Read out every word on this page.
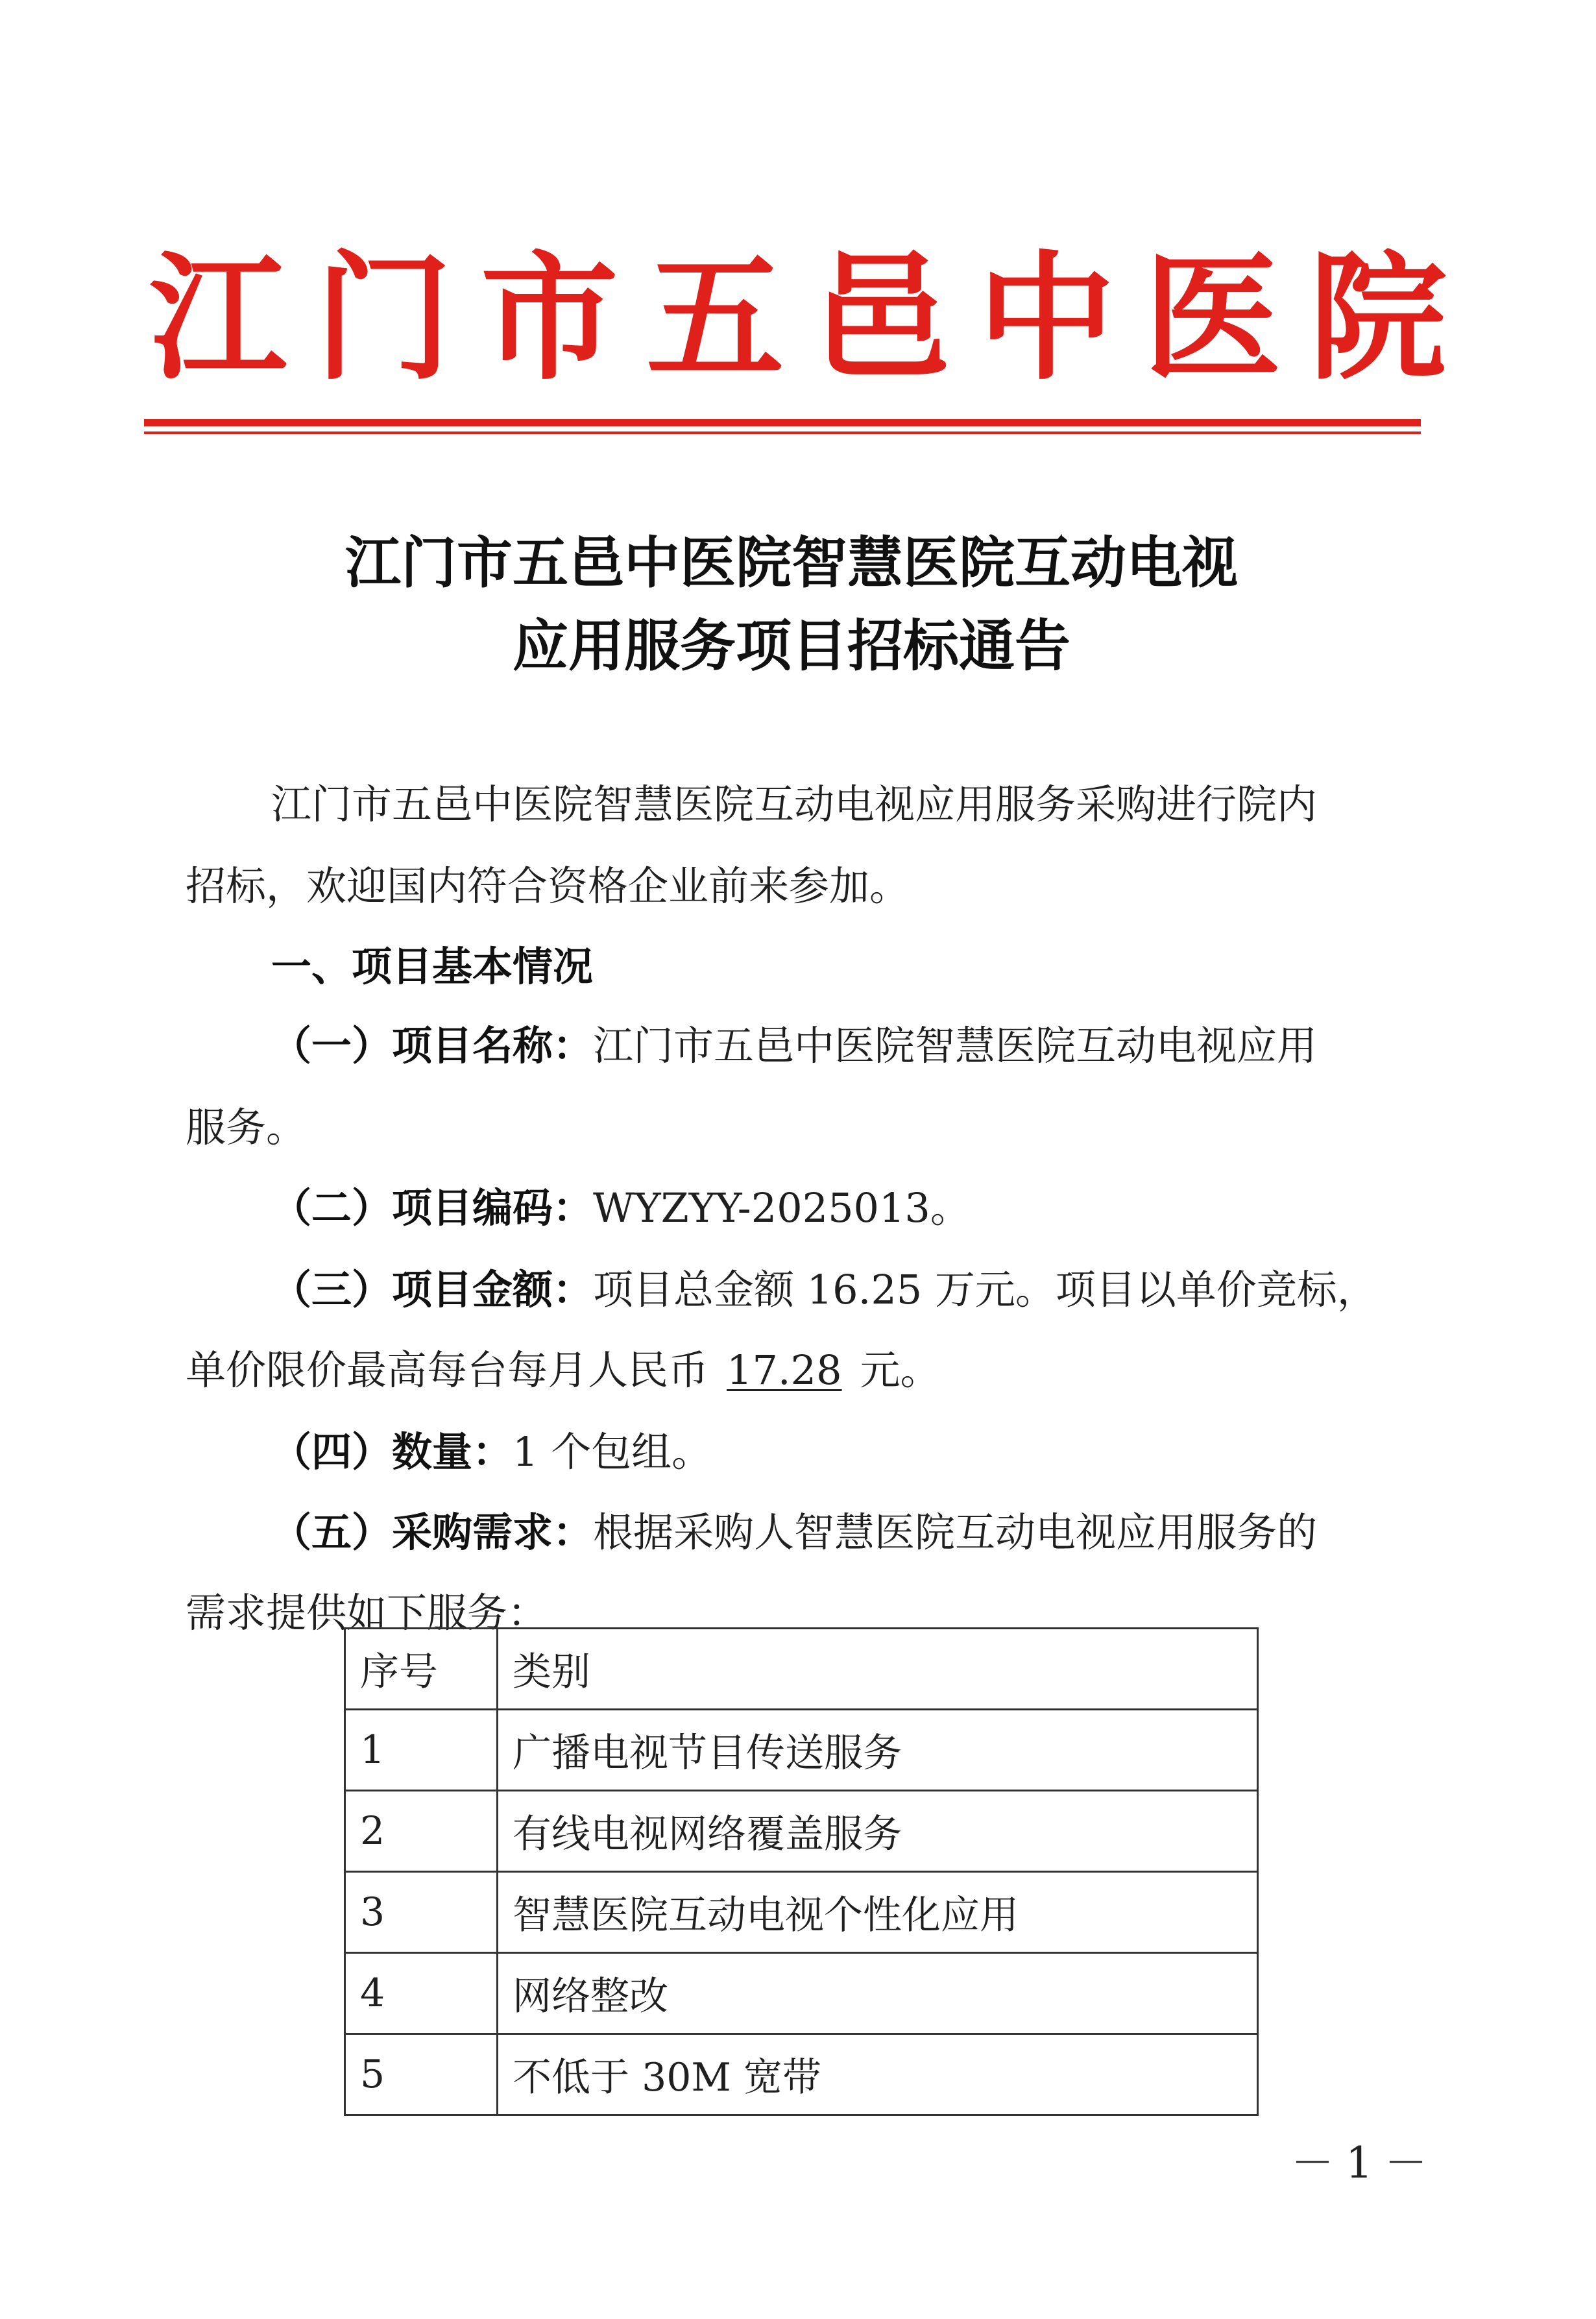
江 门 市 五 邑 中 医 院
江门市五邑中医院智慧医院互动电视
应用服务项目招标通告
江门市五邑中医院智慧医院互动电视应用服务采购进行院内
招标，欢迎国内符合资格企业前来参加。
一、项目基本情况
（一）项目名称：江门市五邑中医院智慧医院互动电视应用
服务。
（二）项目编码：WYZYY-2025013。
（三）项目金额：项目总金额 16.25 万元。项目以单价竞标，
单价限价最高每台每月人民币 17.28 元。
（四）数量：1 个包组。
（五）采购需求：根据采购人智慧医院互动电视应用服务的
需求提供如下服务：
序号	类别
1	广播电视节目传送服务
2	有线电视网络覆盖服务
3	智慧医院互动电视个性化应用
4	网络整改
5	不低于 30M 宽带
－1－
